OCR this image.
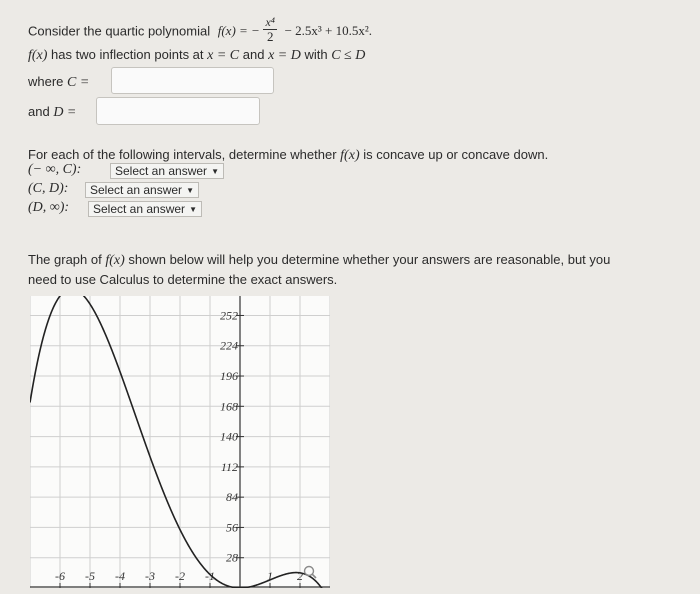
Consider the quartic polynomial f(x) = − $\frac{\text{x⁴}}{2} - 2.5x^3 + 10.5x^2$.
f(x) has two inflection points at x = C and x = D with C ≤ D
where C =
and D =
For each of the following intervals, determine whether f(x) is concave up or concave down.
(− ∞, C):	Select an answer ▼
(C, D):	Select an answer ▼
(D, ∞):	Select an answer ▼
The graph of f(x) shown below will help you determine whether your answers are reasonable, but you
need to use Calculus to determine the exact answers.
28
56
84
112
140
168
196
224
252
-6 -5 -4 -3 -2 -1	1 2
